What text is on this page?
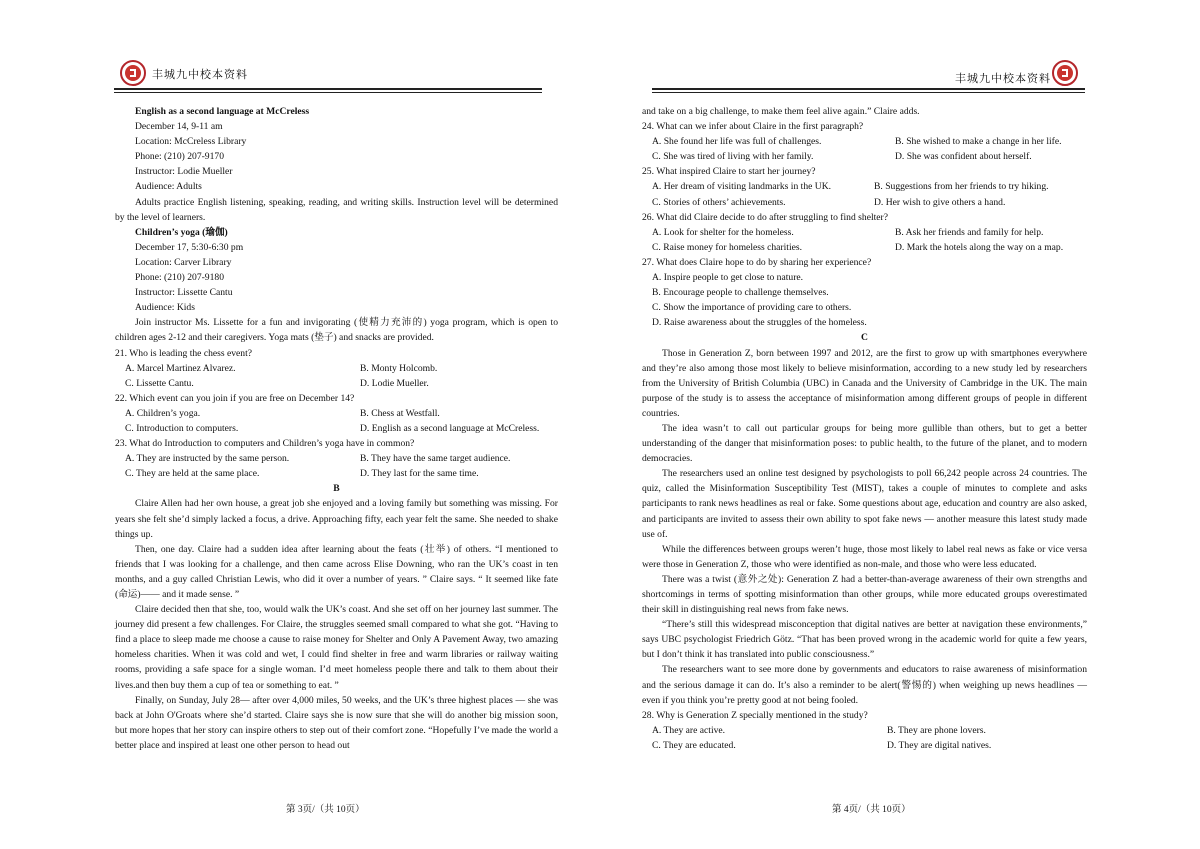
丰城九中校本资料

English as a second language at McCreless

December 14, 9-11 am

Location: McCreless Library

Phone: (210) 207-9170

Instructor: Lodie Mueller

Audience: Adults

Adults practice English listening, speaking, reading, and writing skills. Instruction level will be determined by the level of learners.

Children’s yoga (瑜伽)

December 17, 5:30-6:30 pm

Location: Carver Library

Phone: (210) 207-9180

Instructor: Lissette Cantu

Audience: Kids

Join instructor Ms. Lissette for a fun and invigorating (使精力充沛的) yoga program, which is open to children ages 2-12 and their caregivers. Yoga mats (垫子) and snacks are provided.

21. Who is leading the chess event?

A. Marcel Martinez Alvarez.	B. Monty Holcomb.
C. Lissette Cantu.	D. Lodie Mueller.

22. Which event can you join if you are free on December 14?

A. Children’s yoga.	B. Chess at Westfall.
C. Introduction to computers.	D. English as a second language at McCreless.

23. What do Introduction to computers and Children’s yoga have in common?

A. They are instructed by the same person.	B. They have the same target audience.
C. They are held at the same place.	D. They last for the same time.

B

Claire Allen had her own house, a great job she enjoyed and a loving family but something was missing. For years she felt she’d simply lacked a focus, a drive. Approaching fifty, each year felt the same. She needed to shake things up.

Then, one day. Claire had a sudden idea after learning about the feats (壮举) of others. “I mentioned to friends that I was looking for a challenge, and then came across Elise Downing, who ran the UK’s coast in ten months, and a guy called Christian Lewis, who did it over a number of years. ” Claire says. “ It seemed like fate (命运)—— and it made sense. ”

Claire decided then that she, too, would walk the UK’s coast. And she set off on her journey last summer. The journey did present a few challenges. For Claire, the struggles seemed small compared to what she got. “Having to find a place to sleep made me choose a cause to raise money for Shelter and Only A Pavement Away, two amazing homeless charities. When it was cold and wet, I could find shelter in free and warm libraries or railway waiting rooms, providing a safe space for a single woman. I’d meet homeless people there and talk to them about their lives.and then buy them a cup of tea or something to eat. ”

Finally, on Sunday, July 28— after over 4,000 miles, 50 weeks, and the UK’s three highest places — she was back at John O'Groats where she’d started. Claire says she is now sure that she will do another big mission soon, but more hopes that her story can inspire others to step out of their comfort zone. “Hopefully I’ve made the world a better place and inspired at least one other person to head out

第 3页/（共 10页）
丰城九中校本资料

and take on a big challenge, to make them feel alive again.” Claire adds.

24. What can we infer about Claire in the first paragraph?

A. She found her life was full of challenges.	B. She wished to make a change in her life.
C. She was tired of living with her family.	D. She was confident about herself.

25. What inspired Claire to start her journey?

A. Her dream of visiting landmarks in the UK.	B. Suggestions from her friends to try hiking.
C. Stories of others’ achievements.	D. Her wish to give others a hand.

26. What did Claire decide to do after struggling to find shelter?

A. Look for shelter for the homeless.	B. Ask her friends and family for help.
C. Raise money for homeless charities.	D. Mark the hotels along the way on a map.

27. What does Claire hope to do by sharing her experience?

A. Inspire people to get close to nature.

B. Encourage people to challenge themselves.

C. Show the importance of providing care to others.

D. Raise awareness about the struggles of the homeless.

C

Those in Generation Z, born between 1997 and 2012, are the first to grow up with smartphones everywhere and they’re also among those most likely to believe misinformation, according to a new study led by researchers from the University of British Columbia (UBC) in Canada and the University of Cambridge in the UK. The main purpose of the study is to assess the acceptance of misinformation among different groups of people in different countries.

The idea wasn’t to call out particular groups for being more gullible than others, but to get a better understanding of the danger that misinformation poses: to public health, to the future of the planet, and to modern democracies.

The researchers used an online test designed by psychologists to poll 66,242 people across 24 countries. The quiz, called the Misinformation Susceptibility Test (MIST), takes a couple of minutes to complete and asks participants to rank news headlines as real or fake. Some questions about age, education and country are also asked, and participants are invited to assess their own ability to spot fake news — another measure this latest study made use of.

While the differences between groups weren’t huge, those most likely to label real news as fake or vice versa were those in Generation Z, those who were identified as non-male, and those who were less educated.

There was a twist (意外之处): Generation Z had a better-than-average awareness of their own strengths and shortcomings in terms of spotting misinformation than other groups, while more educated groups overestimated their skill in distinguishing real news from fake news.

“There’s still this widespread misconception that digital natives are better at navigation these environments,” says UBC psychologist Friedrich Götz. “That has been proved wrong in the academic world for quite a few years, but I don’t think it has translated into public consciousness.”

The researchers want to see more done by governments and educators to raise awareness of misinformation and the serious damage it can do. It’s also a reminder to be alert(警惕的) when weighing up news headlines — even if you think you’re pretty good at not being fooled.

28. Why is Generation Z specially mentioned in the study?

A. They are active.	B. They are phone lovers.
C. They are educated.	D. They are digital natives.
第 4页/（共 10页）
